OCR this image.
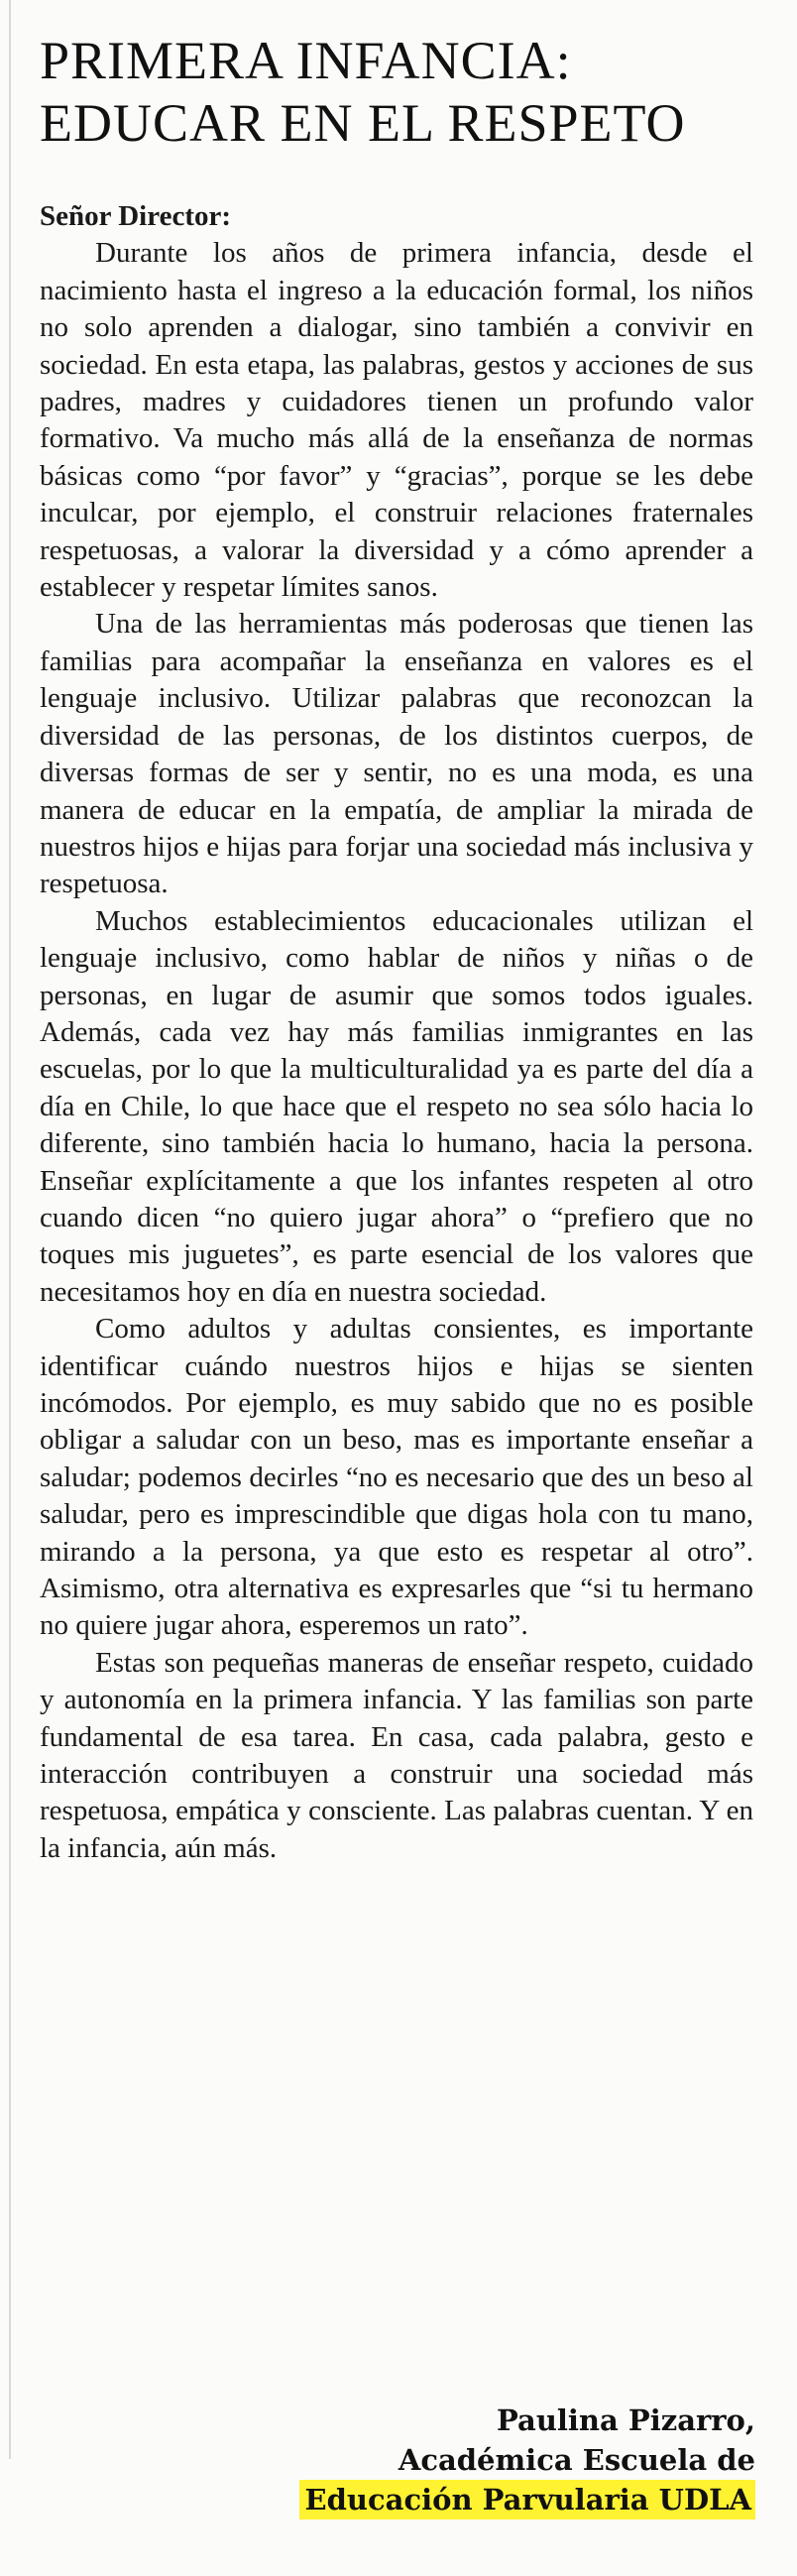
PRIMERA INFANCIA:
EDUCAR EN EL RESPETO

Señor Director:

Durante los años de primera infancia, desde el nacimiento hasta el ingreso a la educación formal, los niños no solo aprenden a dialogar, sino también a convivir en sociedad. En esta etapa, las palabras, gestos y acciones de sus padres, madres y cuidadores tienen un profundo valor formativo. Va mucho más allá de la enseñanza de normas básicas como “por favor” y “gracias”, porque se les debe inculcar, por ejemplo, el construir relaciones fraternales respetuosas, a valorar la diversidad y a cómo aprender a establecer y respetar límites sanos.

Una de las herramientas más poderosas que tienen las familias para acompañar la enseñanza en valores es el lenguaje inclusivo. Utilizar palabras que reconozcan la diversidad de las personas, de los distintos cuerpos, de diversas formas de ser y sentir, no es una moda, es una manera de educar en la empatía, de ampliar la mirada de nuestros hijos e hijas para forjar una sociedad más inclusiva y respetuosa.

Muchos establecimientos educacionales utilizan el lenguaje inclusivo, como hablar de niños y niñas o de personas, en lugar de asumir que somos todos iguales. Además, cada vez hay más familias inmigrantes en las escuelas, por lo que la multiculturalidad ya es parte del día a día en Chile, lo que hace que el respeto no sea sólo hacia lo diferente, sino también hacia lo humano, hacia la persona. Enseñar explícitamente a que los infantes respeten al otro cuando dicen “no quiero jugar ahora” o “prefiero que no toques mis juguetes”, es parte esencial de los valores que necesitamos hoy en día en nuestra sociedad.

Como adultos y adultas consientes, es importante identificar cuándo nuestros hijos e hijas se sienten incómodos. Por ejemplo, es muy sabido que no es posible obligar a saludar con un beso, mas es importante enseñar a saludar; podemos decirles “no es necesario que des un beso al saludar, pero es imprescindible que digas hola con tu mano, mirando a la persona, ya que esto es respetar al otro”. Asimismo, otra alternativa es expresarles que “si tu hermano no quiere jugar ahora, esperemos un rato”.

Estas son pequeñas maneras de enseñar respeto, cuidado y autonomía en la primera infancia. Y las familias son parte fundamental de esa tarea. En casa, cada palabra, gesto e interacción contribuyen a construir una sociedad más respetuosa, empática y consciente. Las palabras cuentan. Y en la infancia, aún más.

Paulina Pizarro,
Académica Escuela de
Educación Parvularia UDLA
